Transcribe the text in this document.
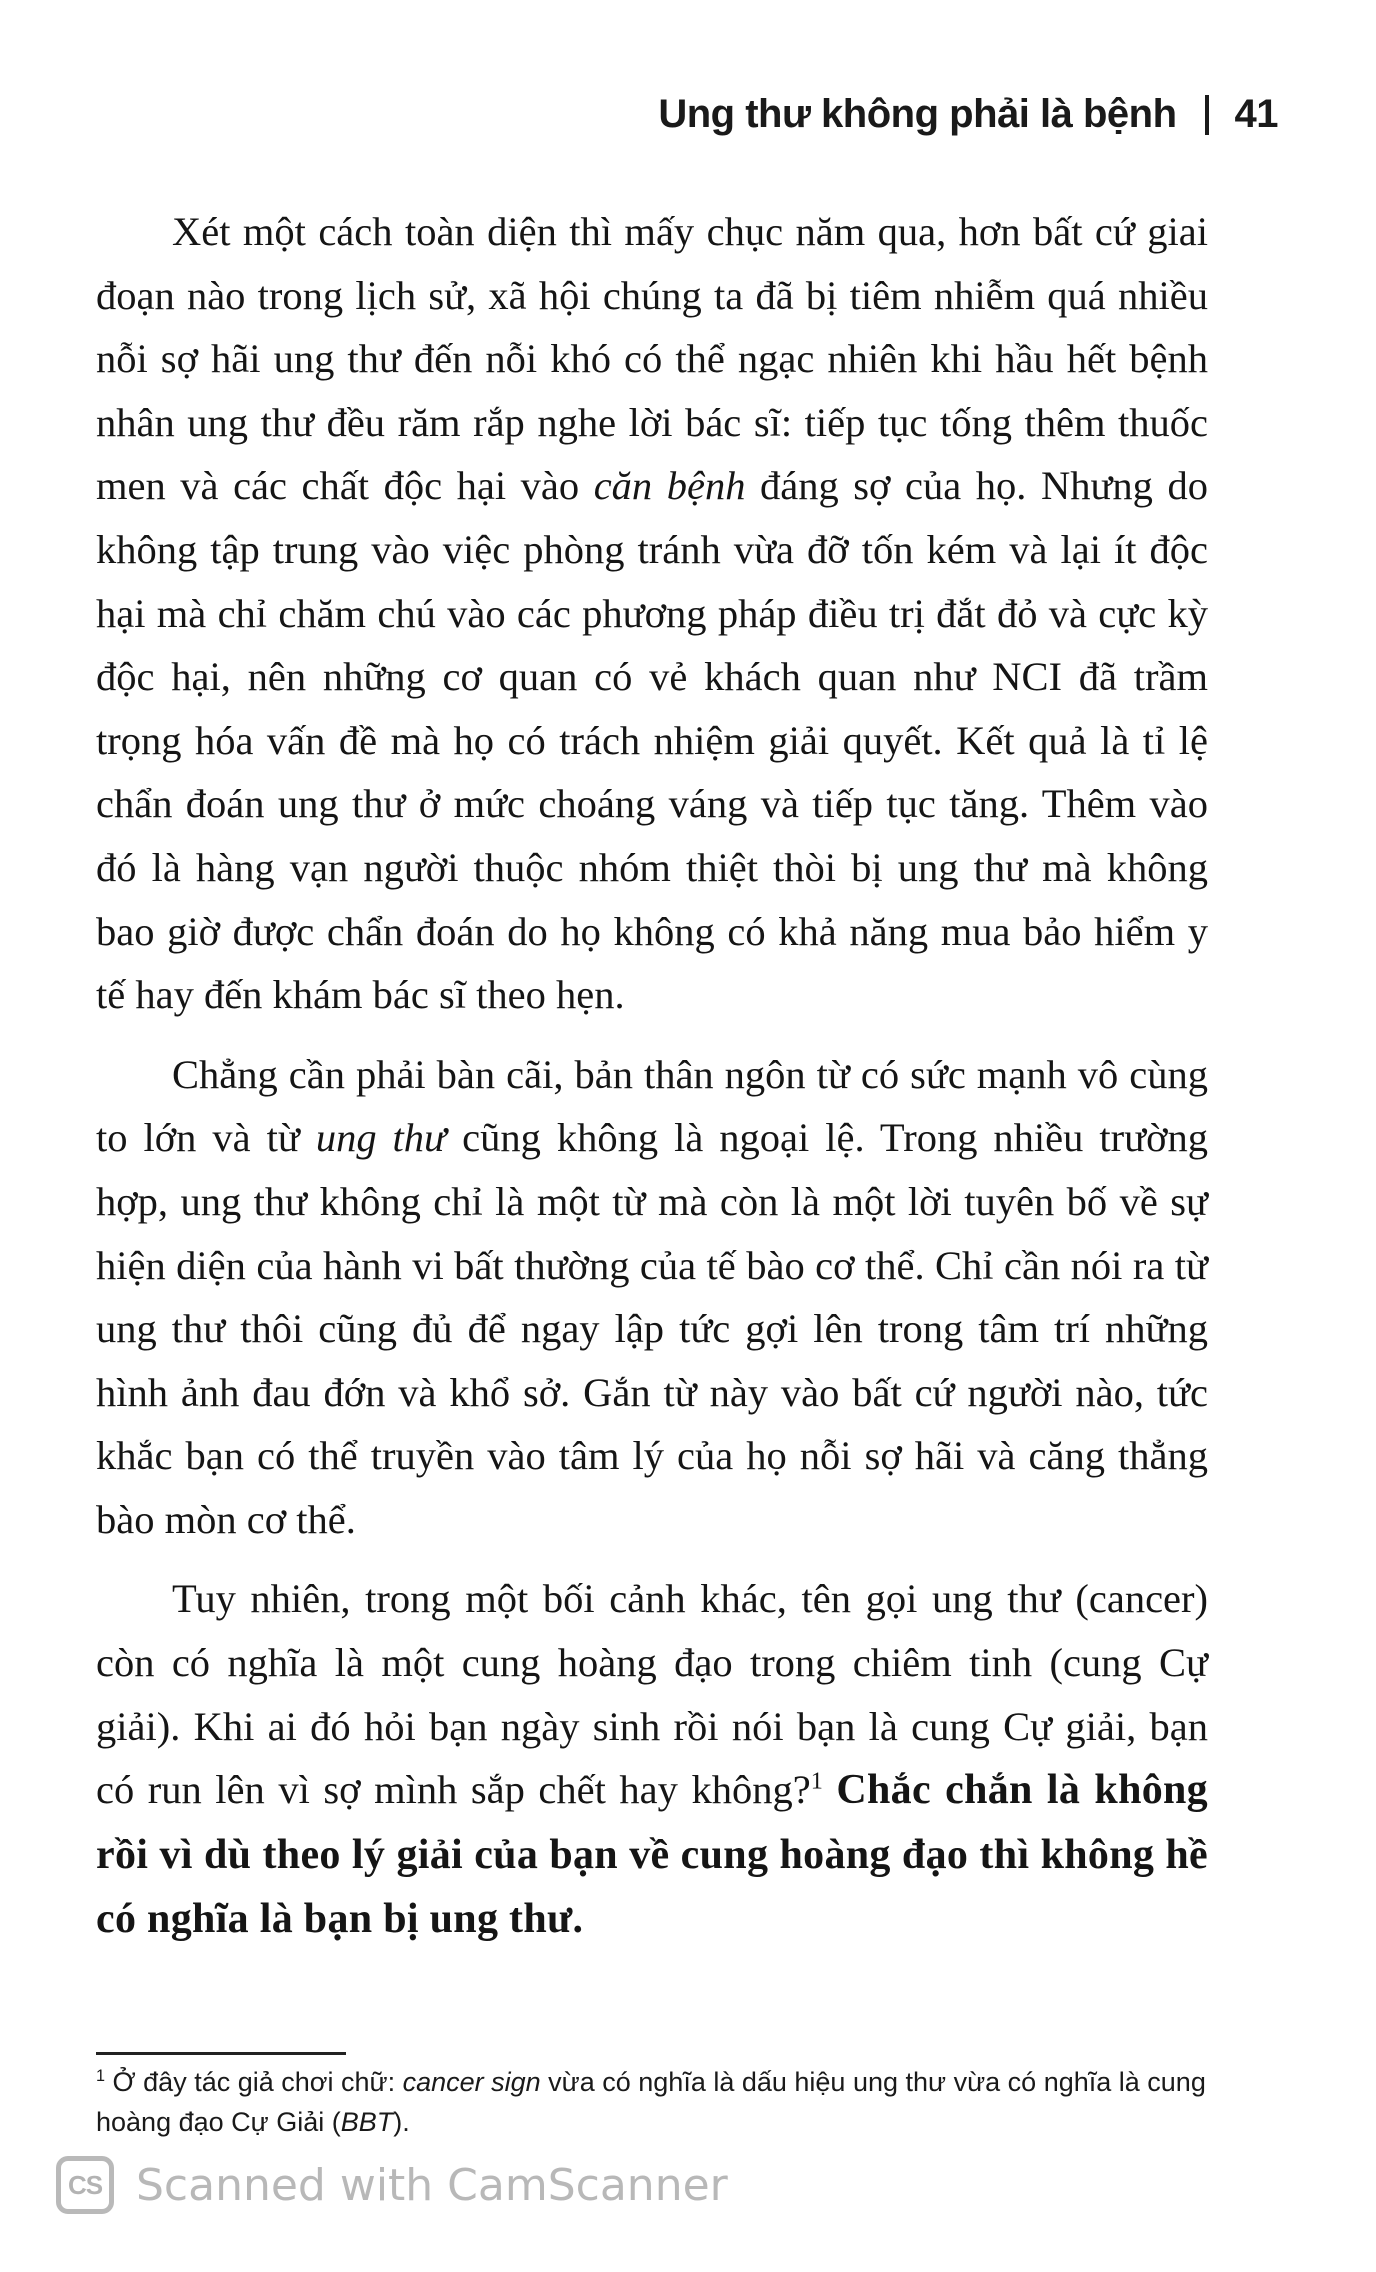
Ung thư không phải là bệnh 41

Xét một cách toàn diện thì mấy chục năm qua, hơn bất cứ giai đoạn nào trong lịch sử, xã hội chúng ta đã bị tiêm nhiễm quá nhiều nỗi sợ hãi ung thư đến nỗi khó có thể ngạc nhiên khi hầu hết bệnh nhân ung thư đều răm rắp nghe lời bác sĩ: tiếp tục tống thêm thuốc men và các chất độc hại vào căn bệnh đáng sợ của họ. Nhưng do không tập trung vào việc phòng tránh vừa đỡ tốn kém và lại ít độc hại mà chỉ chăm chú vào các phương pháp điều trị đắt đỏ và cực kỳ độc hại, nên những cơ quan có vẻ khách quan như NCI đã trầm trọng hóa vấn đề mà họ có trách nhiệm giải quyết. Kết quả là tỉ lệ chẩn đoán ung thư ở mức choáng váng và tiếp tục tăng. Thêm vào đó là hàng vạn người thuộc nhóm thiệt thòi bị ung thư mà không bao giờ được chẩn đoán do họ không có khả năng mua bảo hiểm y tế hay đến khám bác sĩ theo hẹn.

Chẳng cần phải bàn cãi, bản thân ngôn từ có sức mạnh vô cùng to lớn và từ ung thư cũng không là ngoại lệ. Trong nhiều trường hợp, ung thư không chỉ là một từ mà còn là một lời tuyên bố về sự hiện diện của hành vi bất thường của tế bào cơ thể. Chỉ cần nói ra từ ung thư thôi cũng đủ để ngay lập tức gợi lên trong tâm trí những hình ảnh đau đớn và khổ sở. Gắn từ này vào bất cứ người nào, tức khắc bạn có thể truyền vào tâm lý của họ nỗi sợ hãi và căng thẳng bào mòn cơ thể.

Tuy nhiên, trong một bối cảnh khác, tên gọi ung thư (cancer) còn có nghĩa là một cung hoàng đạo trong chiêm tinh (cung Cự giải). Khi ai đó hỏi bạn ngày sinh rồi nói bạn là cung Cự giải, bạn có run lên vì sợ mình sắp chết hay không?$^1$ Chắc chắn là không rồi vì dù theo lý giải của bạn về cung hoàng đạo thì không hề có nghĩa là bạn bị ung thư.

$^1$ Ở đây tác giả chơi chữ: cancer sign vừa có nghĩa là dấu hiệu ung thư vừa có nghĩa là cung hoàng đạo Cự Giải (BBT).
CS Scanned with CamScanner
